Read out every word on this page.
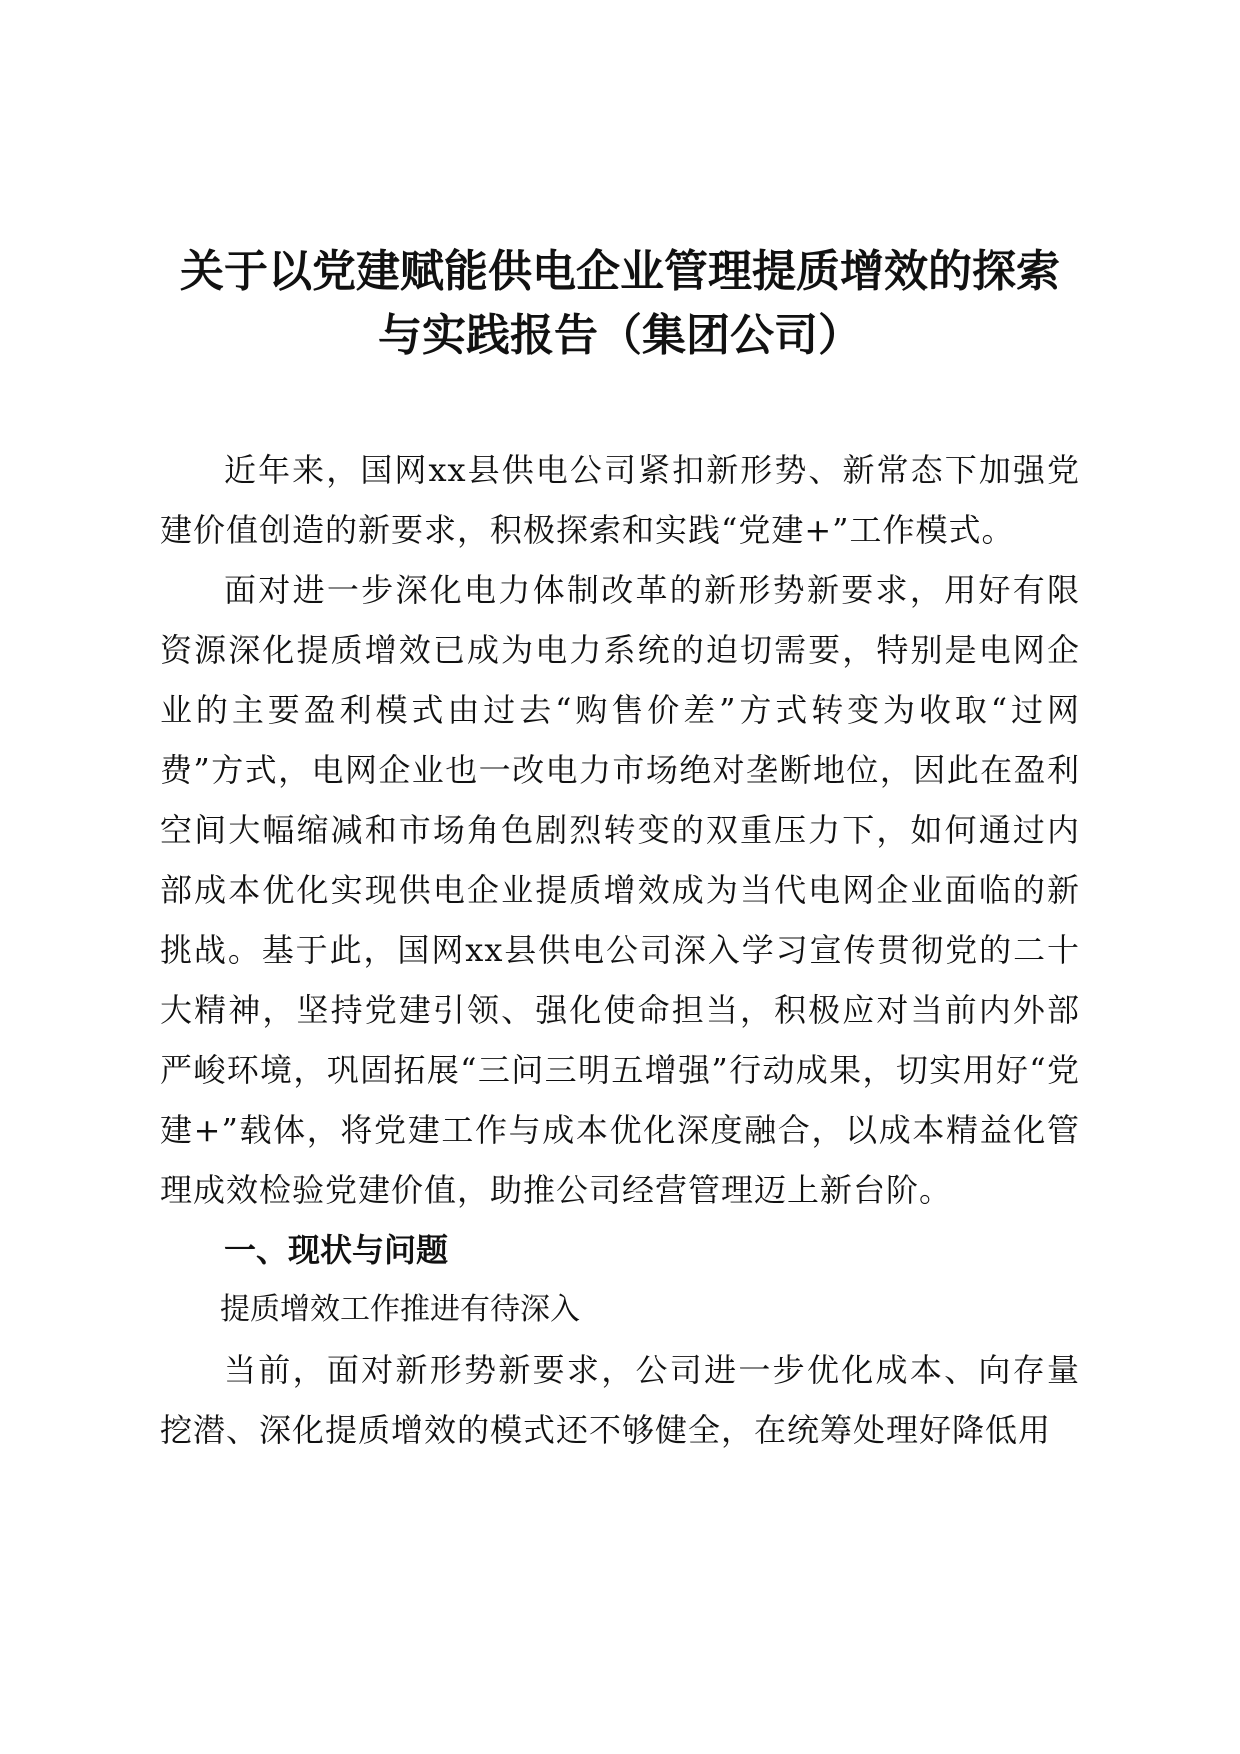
关于以党建赋能供电企业管理提质增效的探索
与实践报告（集团公司）

近年来，国网xx县供电公司紧扣新形势、新常态下加强党建价值创造的新要求，积极探索和实践“党建+”工作模式。

面对进一步深化电力体制改革的新形势新要求，用好有限资源深化提质增效已成为电力系统的迫切需要，特别是电网企业的主要盈利模式由过去“购售价差”方式转变为收取“过网费”方式，电网企业也一改电力市场绝对垄断地位，因此在盈利空间大幅缩减和市场角色剧烈转变的双重压力下，如何通过内部成本优化实现供电企业提质增效成为当代电网企业面临的新挑战。基于此，国网xx县供电公司深入学习宣传贯彻党的二十大精神，坚持党建引领、强化使命担当，积极应对当前内外部严峻环境，巩固拓展“三问三明五增强”行动成果，切实用好“党建+”载体，将党建工作与成本优化深度融合，以成本精益化管理成效检验党建价值，助推公司经营管理迈上新台阶。

一、现状与问题

提质增效工作推进有待深入

当前，面对新形势新要求，公司进一步优化成本、向存量挖潜、深化提质增效的模式还不够健全，在统筹处理好降低用
